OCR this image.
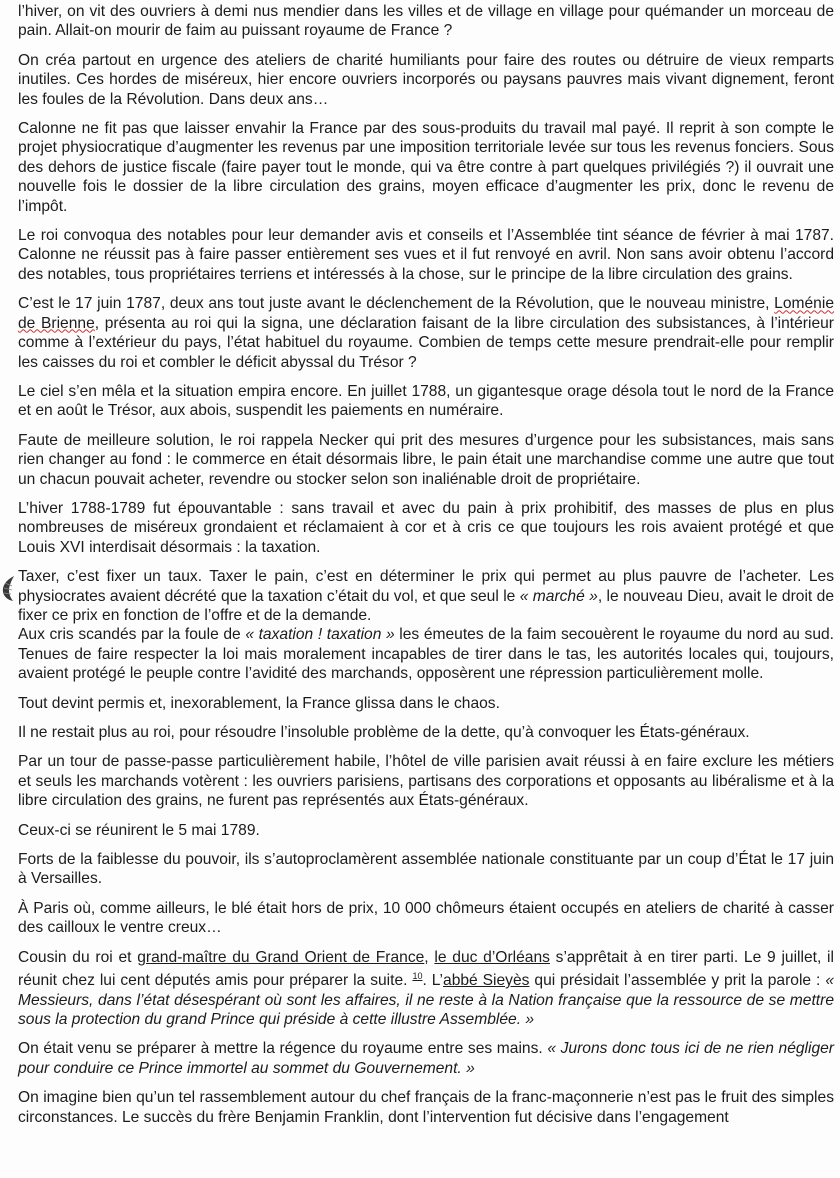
l’hiver, on vit des ouvriers à demi nus mendier dans les villes et de village en village pour quémander un morceau de pain. Allait-on mourir de faim au puissant royaume de France ?

On créa partout en urgence des ateliers de charité humiliants pour faire des routes ou détruire de vieux remparts inutiles. Ces hordes de miséreux, hier encore ouvriers incorporés ou paysans pauvres mais vivant dignement, feront les foules de la Révolution. Dans deux ans…

Calonne ne fit pas que laisser envahir la France par des sous-produits du travail mal payé. Il reprit à son compte le projet physiocratique d’augmenter les revenus par une imposition territoriale levée sur tous les revenus fonciers. Sous des dehors de justice fiscale (faire payer tout le monde, qui va être contre à part quelques privilégiés ?) il ouvrait une nouvelle fois le dossier de la libre circulation des grains, moyen efficace d’augmenter les prix, donc le revenu de l’impôt.

Le roi convoqua des notables pour leur demander avis et conseils et l’Assemblée tint séance de février à mai 1787. Calonne ne réussit pas à faire passer entièrement ses vues et il fut renvoyé en avril. Non sans avoir obtenu l’accord des notables, tous propriétaires terriens et intéressés à la chose, sur le principe de la libre circulation des grains.

C’est le 17 juin 1787, deux ans tout juste avant le déclenchement de la Révolution, que le nouveau ministre, Loménie de Brienne, présenta au roi qui la signa, une déclaration faisant de la libre circulation des subsistances, à l’intérieur comme à l’extérieur du pays, l’état habituel du royaume. Combien de temps cette mesure prendrait-elle pour remplir les caisses du roi et combler le déficit abyssal du Trésor ?

Le ciel s’en mêla et la situation empira encore. En juillet 1788, un gigantesque orage désola tout le nord de la France et en août le Trésor, aux abois, suspendit les paiements en numéraire.

Faute de meilleure solution, le roi rappela Necker qui prit des mesures d’urgence pour les subsistances, mais sans rien changer au fond : le commerce en était désormais libre, le pain était une marchandise comme une autre que tout un chacun pouvait acheter, revendre ou stocker selon son inaliénable droit de propriétaire.

L’hiver 1788-1789 fut épouvantable : sans travail et avec du pain à prix prohibitif, des masses de plus en plus nombreuses de miséreux grondaient et réclamaient à cor et à cris ce que toujours les rois avaient protégé et que Louis XVI interdisait désormais : la taxation.

Taxer, c’est fixer un taux. Taxer le pain, c’est en déterminer le prix qui permet au plus pauvre de l’acheter. Les physiocrates avaient décrété que la taxation c’était du vol, et que seul le « marché », le nouveau Dieu, avait le droit de fixer ce prix en fonction de l’offre et de la demande.

Aux cris scandés par la foule de « taxation ! taxation » les émeutes de la faim secouèrent le royaume du nord au sud. Tenues de faire respecter la loi mais moralement incapables de tirer dans le tas, les autorités locales qui, toujours, avaient protégé le peuple contre l’avidité des marchands, opposèrent une répression particulièrement molle.

Tout devint permis et, inexorablement, la France glissa dans le chaos.

Il ne restait plus au roi, pour résoudre l’insoluble problème de la dette, qu’à convoquer les États-généraux.

Par un tour de passe-passe particulièrement habile, l’hôtel de ville parisien avait réussi à en faire exclure les métiers et seuls les marchands votèrent : les ouvriers parisiens, partisans des corporations et opposants au libéralisme et à la libre circulation des grains, ne furent pas représentés aux États-généraux.

Ceux-ci se réunirent le 5 mai 1789.

Forts de la faiblesse du pouvoir, ils s’autoproclamèrent assemblée nationale constituante par un coup d’État le 17 juin à Versailles.

À Paris où, comme ailleurs, le blé était hors de prix, 10 000 chômeurs étaient occupés en ateliers de charité à casser des cailloux le ventre creux…

Cousin du roi et grand-maître du Grand Orient de France, le duc d’Orléans s’apprêtait à en tirer parti. Le 9 juillet, il réunit chez lui cent députés amis pour préparer la suite. $^{10}$. L’abbé Sieyès qui présidait l’assemblée y prit la parole : « Messieurs, dans l’état désespérant où sont les affaires, il ne reste à la Nation française que la ressource de se mettre sous la protection du grand Prince qui préside à cette illustre Assemblée. »

On était venu se préparer à mettre la régence du royaume entre ses mains. « Jurons donc tous ici de ne rien négliger pour conduire ce Prince immortel au sommet du Gouvernement. »

On imagine bien qu’un tel rassemblement autour du chef français de la franc-maçonnerie n’est pas le fruit des simples circonstances. Le succès du frère Benjamin Franklin, dont l’intervention fut décisive dans l’engagement
